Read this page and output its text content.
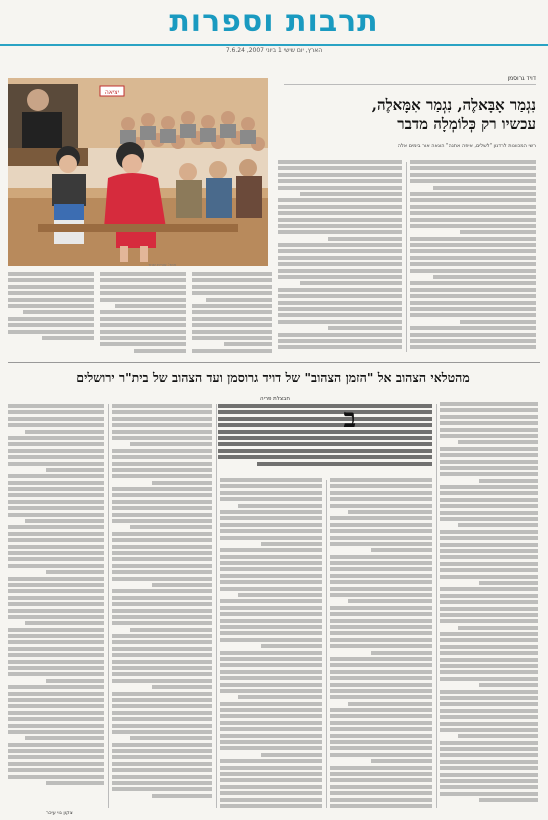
תרבות וספרות
הארץ, יום שישי 1 ביוני 2007, 7.6.24
יציאה
איור: אורית שחר
דויד גרוסמן
נִגְמַר אָבָּאלֶה, נִגְמַר אִמָּאלֶה,
עכשיו רק כְּלוֹמְלָה מדבר
רשי המכוונות לרדנון "לשלים, איפה אתנה" הוגאה אור בימים אלה
מהטלאי הצהוב אל "הזמן הצהוב" של דויד גרוסמן ועד הצהוב של בית"ר ירושלים
חבצלת פריה
ב
צקון גוי עיכר
